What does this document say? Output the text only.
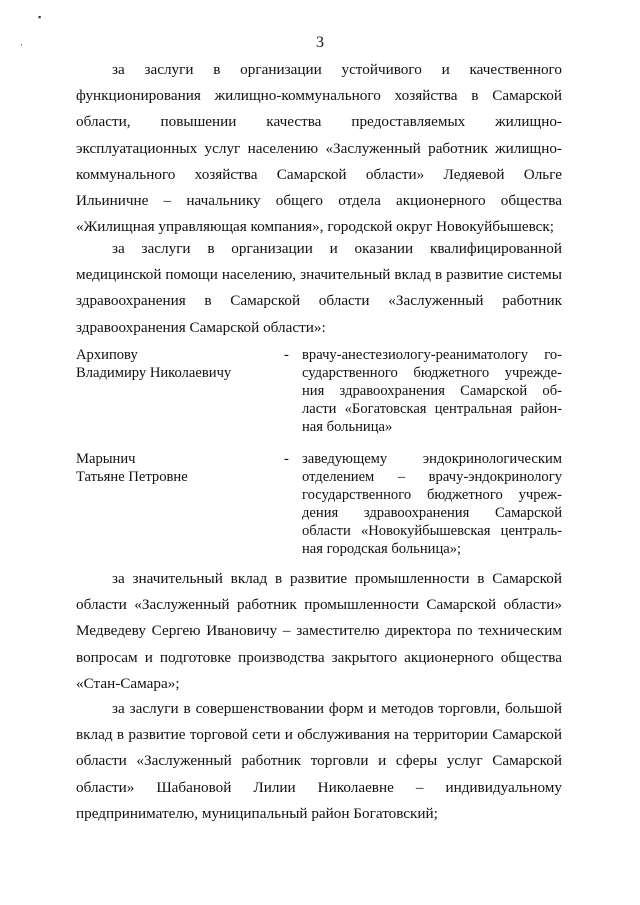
▪
·	3
за заслуги в организации устойчивого и качественного
функционирования жилищно-коммунального хозяйства в Самарской
области, повышении качества предоставляемых жилищно-
эксплуатационных услуг населению «Заслуженный работник жилищно-
коммунального хозяйства Самарской области» Ледяевой Ольге
Ильиничне – начальнику общего отдела акционерного общества
«Жилищная управляющая компания», городской округ Новокуйбышевск;
за заслуги в организации и оказании квалифицированной
медицинской помощи населению, значительный вклад в развитие системы
здравоохранения в Самарской области «Заслуженный работник
здравоохранения Самарской области»:
Архипову
Владимиру Николаевичу
- врачу-анестезиологу-реаниматологу го-
сударственного бюджетного учрежде-
ния здравоохранения Самарской об-
ласти «Богатовская центральная район-
ная больница»
Марынич
Татьяне Петровне
- заведующему эндокринологическим
отделением – врачу-эндокринологу
государственного бюджетного учреж-
дения здравоохранения Самарской
области «Новокуйбышевская централь-
ная городская больница»;
за значительный вклад в развитие промышленности в Самарской
области «Заслуженный работник промышленности Самарской области»
Медведеву Сергею Ивановичу – заместителю директора по техническим
вопросам и подготовке производства закрытого акционерного общества
«Стан-Самара»;
за заслуги в совершенствовании форм и методов торговли, большой
вклад в развитие торговой сети и обслуживания на территории Самарской
области «Заслуженный работник торговли и сферы услуг Самарской
области» Шабановой Лилии Николаевне – индивидуальному
предпринимателю, муниципальный район Богатовский;
